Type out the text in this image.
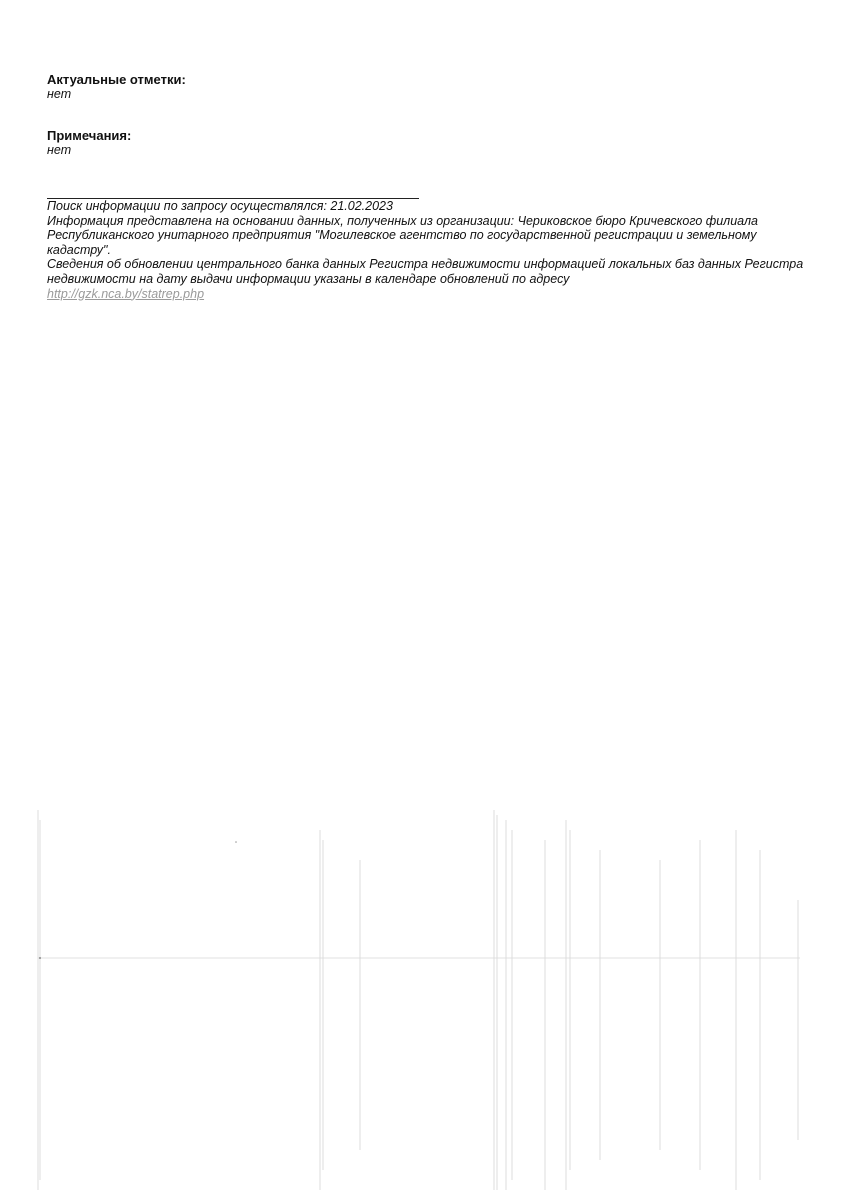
Актуальные отметки:

нет

Примечания:

нет

Поиск информации по запросу осуществлялся: 21.02.2023

Информация представлена на основании данных, полученных из организации: Чериковское бюро Кричевского филиала Республиканского унитарного предприятия "Могилевское агентство по государственной регистрации и земельному кадастру".

Сведения об обновлении центрального банка данных Регистра недвижимости информацией локальных баз данных Регистра недвижимости на дату выдачи информации указаны в календаре обновлений по адресу

http://gzk.nca.by/statrep.php
